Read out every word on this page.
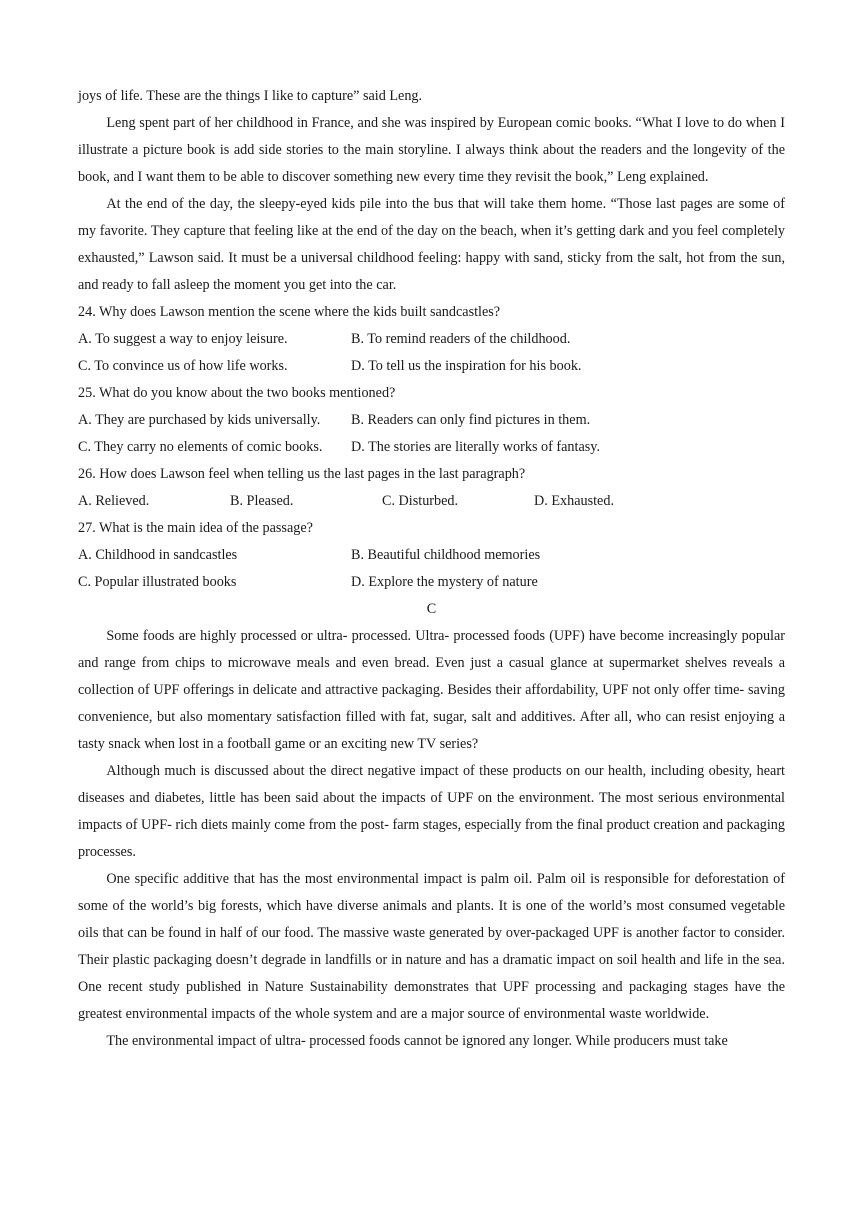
joys of life. These are the things I like to capture” said Leng.

Leng spent part of her childhood in France, and she was inspired by European comic books. “What I love to do when I illustrate a picture book is add side stories to the main storyline. I always think about the readers and the longevity of the book, and I want them to be able to discover something new every time they revisit the book,” Leng explained.

At the end of the day, the sleepy-eyed kids pile into the bus that will take them home. “Those last pages are some of my favorite. They capture that feeling like at the end of the day on the beach, when it’s getting dark and you feel completely exhausted,” Lawson said. It must be a universal childhood feeling: happy with sand, sticky from the salt, hot from the sun, and ready to fall asleep the moment you get into the car.

24. Why does Lawson mention the scene where the kids built sandcastles?

A. To suggest a way to enjoy leisure.	B. To remind readers of the childhood.
C. To convince us of how life works.	D. To tell us the inspiration for his book.

25. What do you know about the two books mentioned?

A. They are purchased by kids universally.	B. Readers can only find pictures in them.
C. They carry no elements of comic books.	D. The stories are literally works of fantasy.

26. How does Lawson feel when telling us the last pages in the last paragraph?

A. Relieved.	B. Pleased.	C. Disturbed.	D. Exhausted.

27. What is the main idea of the passage?

A. Childhood in sandcastles	B. Beautiful childhood memories
C. Popular illustrated books	D. Explore the mystery of nature

C

Some foods are highly processed or ultra- processed. Ultra- processed foods (UPF) have become increasingly popular and range from chips to microwave meals and even bread. Even just a casual glance at supermarket shelves reveals a collection of UPF offerings in delicate and attractive packaging. Besides their affordability, UPF not only offer time- saving convenience, but also momentary satisfaction filled with fat, sugar, salt and additives. After all, who can resist enjoying a tasty snack when lost in a football game or an exciting new TV series?

Although much is discussed about the direct negative impact of these products on our health, including obesity, heart diseases and diabetes, little has been said about the impacts of UPF on the environment. The most serious environmental impacts of UPF- rich diets mainly come from the post- farm stages, especially from the final product creation and packaging processes.

One specific additive that has the most environmental impact is palm oil. Palm oil is responsible for deforestation of some of the world’s big forests, which have diverse animals and plants. It is one of the world’s most consumed vegetable oils that can be found in half of our food. The massive waste generated by over-packaged UPF is another factor to consider. Their plastic packaging doesn’t degrade in landfills or in nature and has a dramatic impact on soil health and life in the sea. One recent study published in Nature Sustainability demonstrates that UPF processing and packaging stages have the greatest environmental impacts of the whole system and are a major source of environmental waste worldwide.

The environmental impact of ultra- processed foods cannot be ignored any longer. While producers must take
